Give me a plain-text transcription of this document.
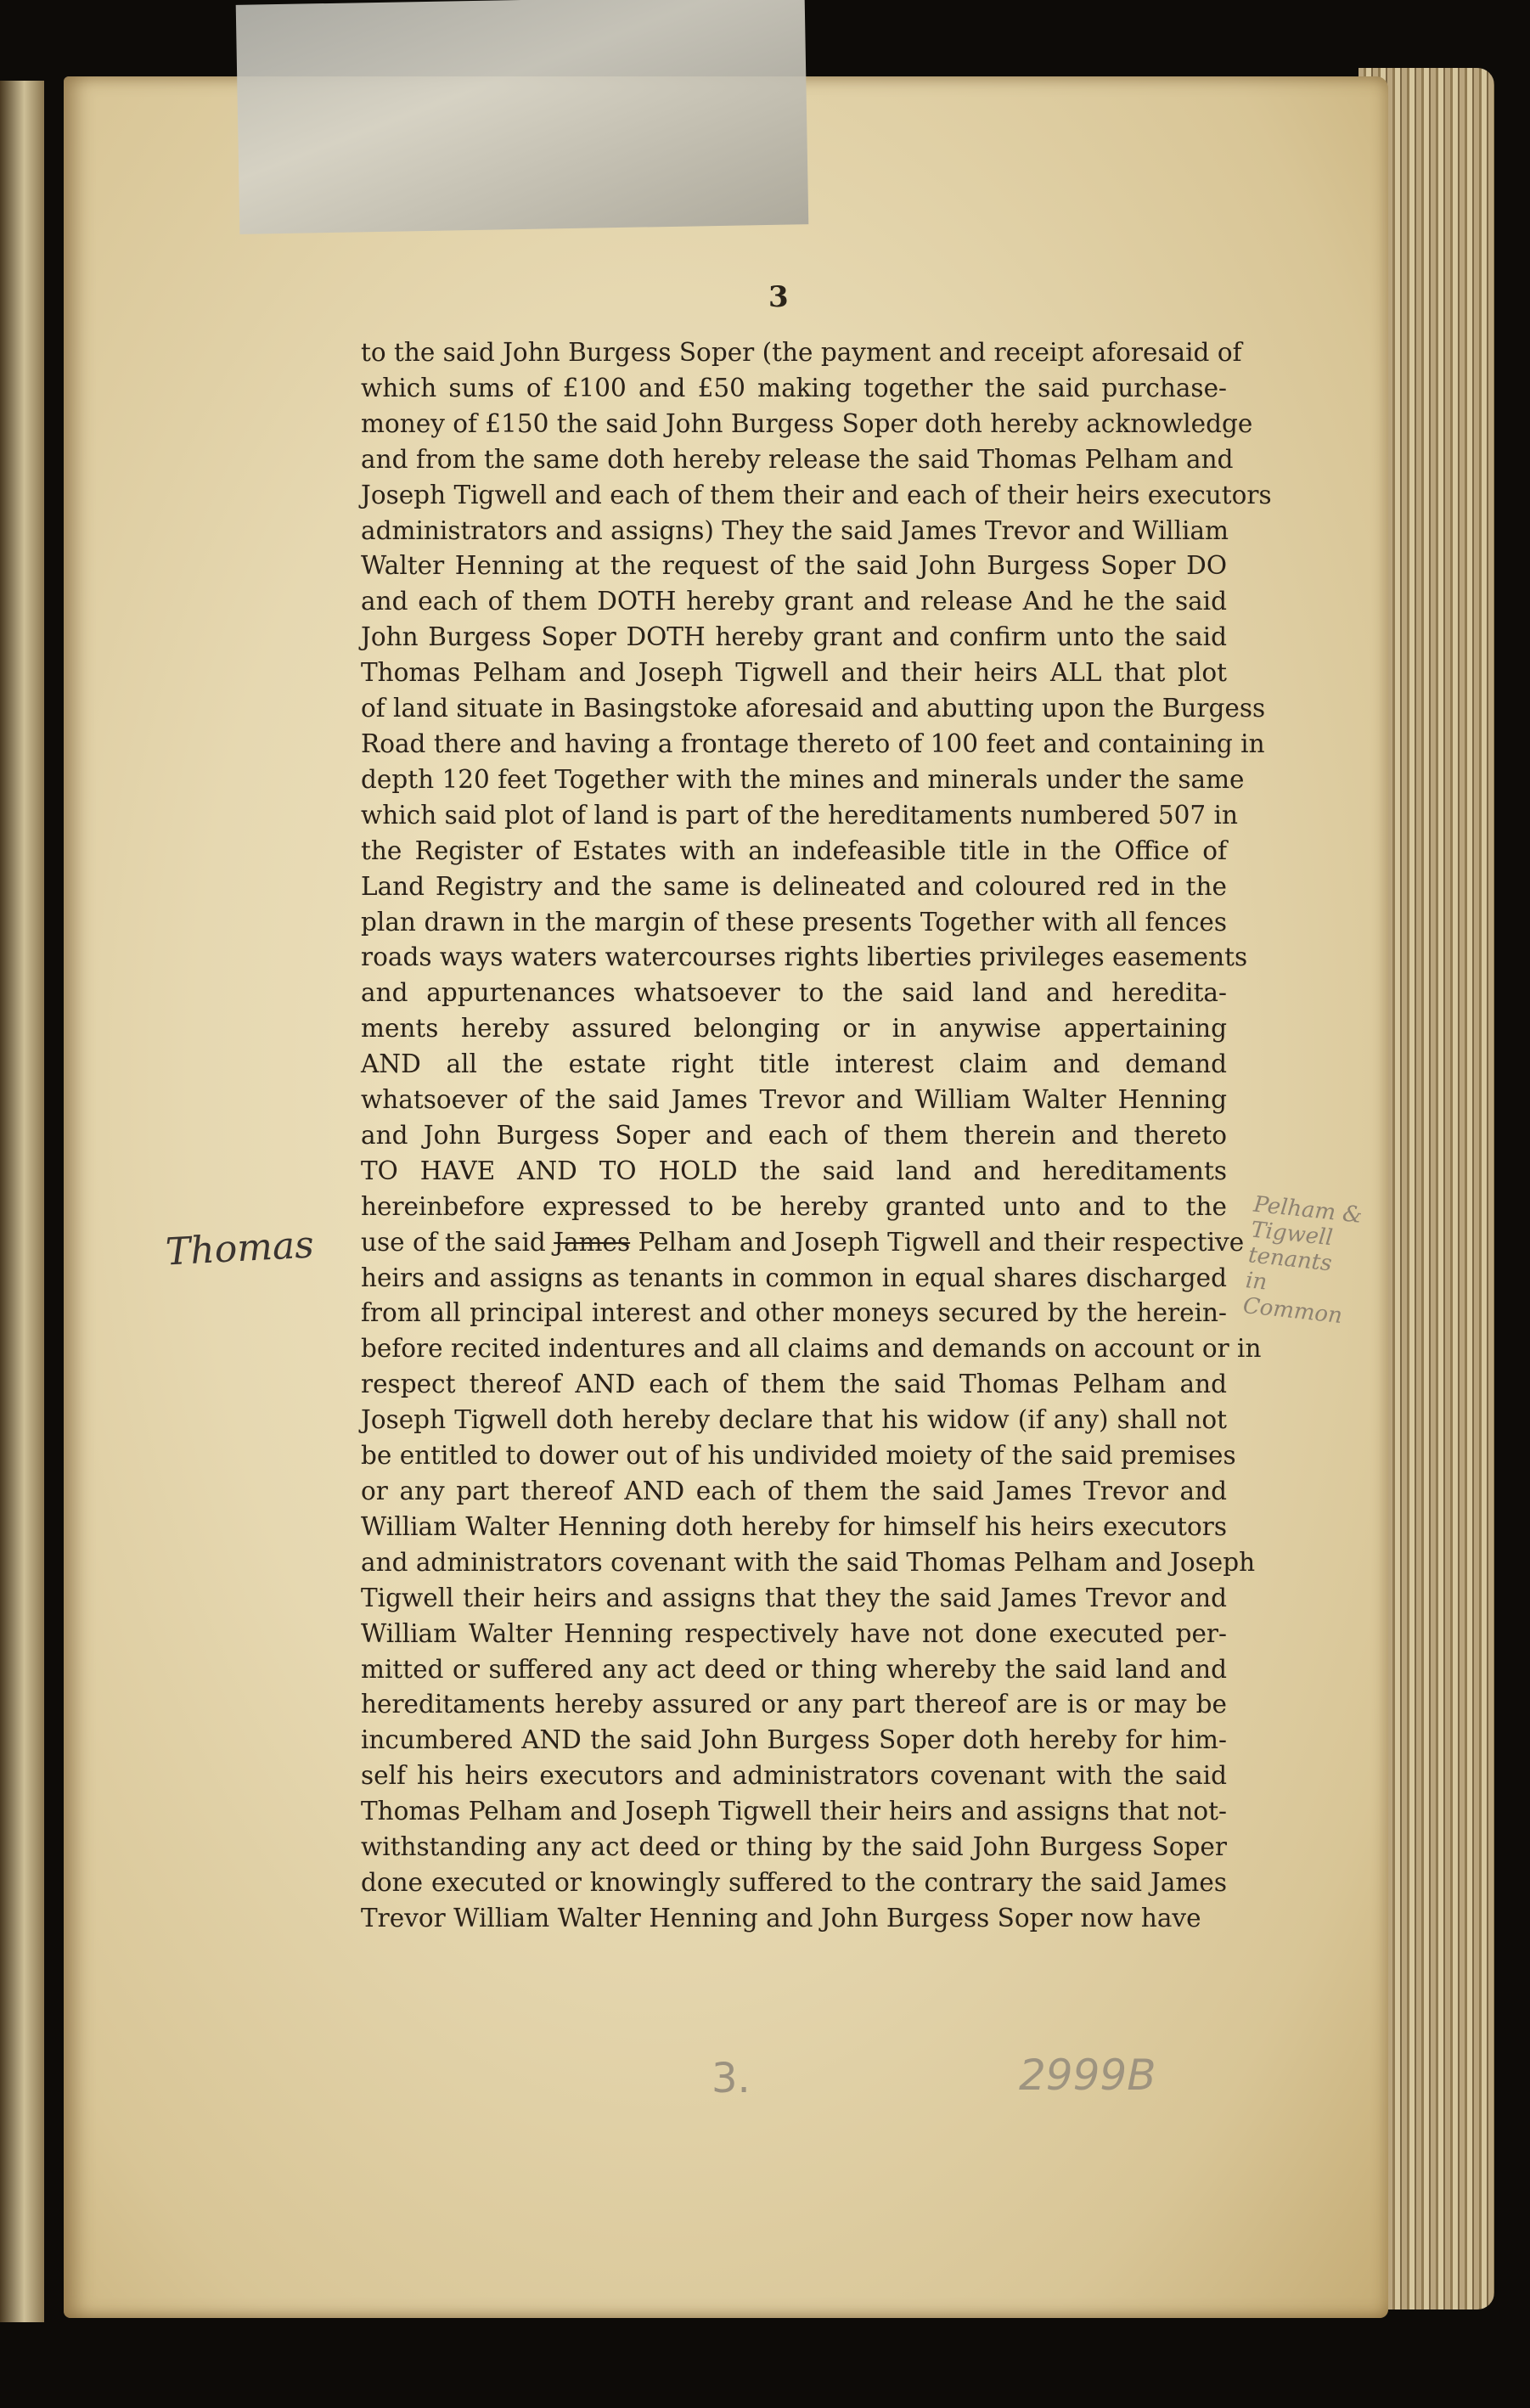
3
to the said John Burgess Soper (the payment and receipt aforesaid of
which sums of £100 and £50 making together the said purchase-
money of £150 the said John Burgess Soper doth hereby acknowledge
and from the same doth hereby release the said Thomas Pelham and
Joseph Tigwell and each of them their and each of their heirs executors
administrators and assigns) They the said James Trevor and William
Walter Henning at the request of the said John Burgess Soper DO
and each of them DOTH hereby grant and release And he the said
John Burgess Soper DOTH hereby grant and confirm unto the said
Thomas Pelham and Joseph Tigwell and their heirs ALL that plot
of land situate in Basingstoke aforesaid and abutting upon the Burgess
Road there and having a frontage thereto of 100 feet and containing in
depth 120 feet Together with the mines and minerals under the same
which said plot of land is part of the hereditaments numbered 507 in
the Register of Estates with an indefeasible title in the Office of
Land Registry and the same is delineated and coloured red in the
plan drawn in the margin of these presents Together with all fences
roads ways waters watercourses rights liberties privileges easements
and appurtenances whatsoever to the said land and heredita-
ments hereby assured belonging or in anywise appertaining
AND all the estate right title interest claim and demand
whatsoever of the said James Trevor and William Walter Henning
and John Burgess Soper and each of them therein and thereto
TO HAVE AND TO HOLD the said land and hereditaments
hereinbefore expressed to be hereby granted unto and to the
use of the said James Pelham and Joseph Tigwell and their respective
heirs and assigns as tenants in common in equal shares discharged
from all principal interest and other moneys secured by the herein-
before recited indentures and all claims and demands on account or in
respect thereof AND each of them the said Thomas Pelham and
Joseph Tigwell doth hereby declare that his widow (if any) shall not
be entitled to dower out of his undivided moiety of the said premises
or any part thereof AND each of them the said James Trevor and
William Walter Henning doth hereby for himself his heirs executors
and administrators covenant with the said Thomas Pelham and Joseph
Tigwell their heirs and assigns that they the said James Trevor and
William Walter Henning respectively have not done executed per-
mitted or suffered any act deed or thing whereby the said land and
hereditaments hereby assured or any part thereof are is or may be
incumbered AND the said John Burgess Soper doth hereby for him-
self his heirs executors and administrators covenant with the said
Thomas Pelham and Joseph Tigwell their heirs and assigns that not-
withstanding any act deed or thing by the said John Burgess Soper
done executed or knowingly suffered to the contrary the said James
Trevor William Walter Henning and John Burgess Soper now have
Thomas
Pelham & Tigwell tenants in Common
3.	2999B
